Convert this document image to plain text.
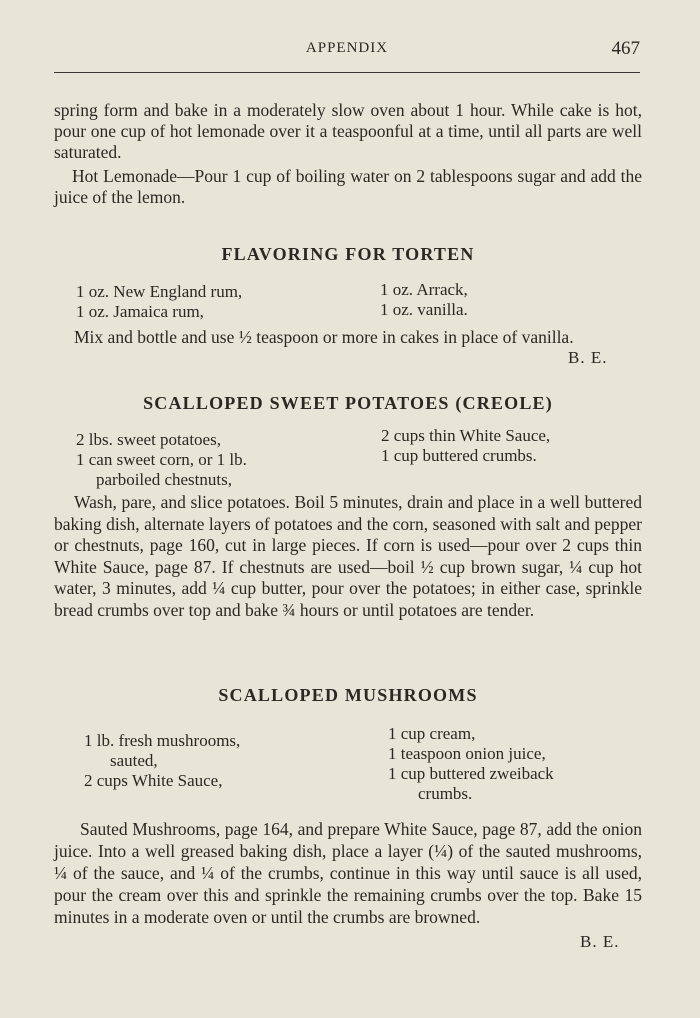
APPENDIX	467

spring form and bake in a moderately slow oven about 1 hour. While cake is hot, pour one cup of hot lemonade over it a teaspoonful at a time, until all parts are well saturated.

Hot Lemonade—Pour 1 cup of boiling water on 2 tablespoons sugar and add the juice of the lemon.

FLAVORING FOR TORTEN
1 oz. New England rum,
1 oz. Jamaica rum,
1 oz. Arrack,
1 oz. vanilla.

Mix and bottle and use ½ teaspoon or more in cakes in place of vanilla.

B. E.
SCALLOPED SWEET POTATOES (CREOLE)
2 lbs. sweet potatoes,
1 can sweet corn, or 1 lb.
parboiled chestnuts,
2 cups thin White Sauce,
1 cup buttered crumbs.

Wash, pare, and slice potatoes. Boil 5 minutes, drain and place in a well buttered baking dish, alternate layers of potatoes and the corn, seasoned with salt and pepper or chestnuts, page 160, cut in large pieces. If corn is used—pour over 2 cups thin White Sauce, page 87. If chestnuts are used—boil ½ cup brown sugar, ¼ cup hot water, 3 minutes, add ¼ cup butter, pour over the potatoes; in either case, sprinkle bread crumbs over top and bake ¾ hours or until potatoes are tender.

SCALLOPED MUSHROOMS
1 lb. fresh mushrooms,
sauted,
2 cups White Sauce,
1 cup cream,
1 teaspoon onion juice,
1 cup buttered zweiback
crumbs.

Sauted Mushrooms, page 164, and prepare White Sauce, page 87, add the onion juice. Into a well greased baking dish, place a layer (¼) of the sauted mushrooms, ¼ of the sauce, and ¼ of the crumbs, continue in this way until sauce is all used, pour the cream over this and sprinkle the remaining crumbs over the top. Bake 15 minutes in a moderate oven or until the crumbs are browned.

B. E.
